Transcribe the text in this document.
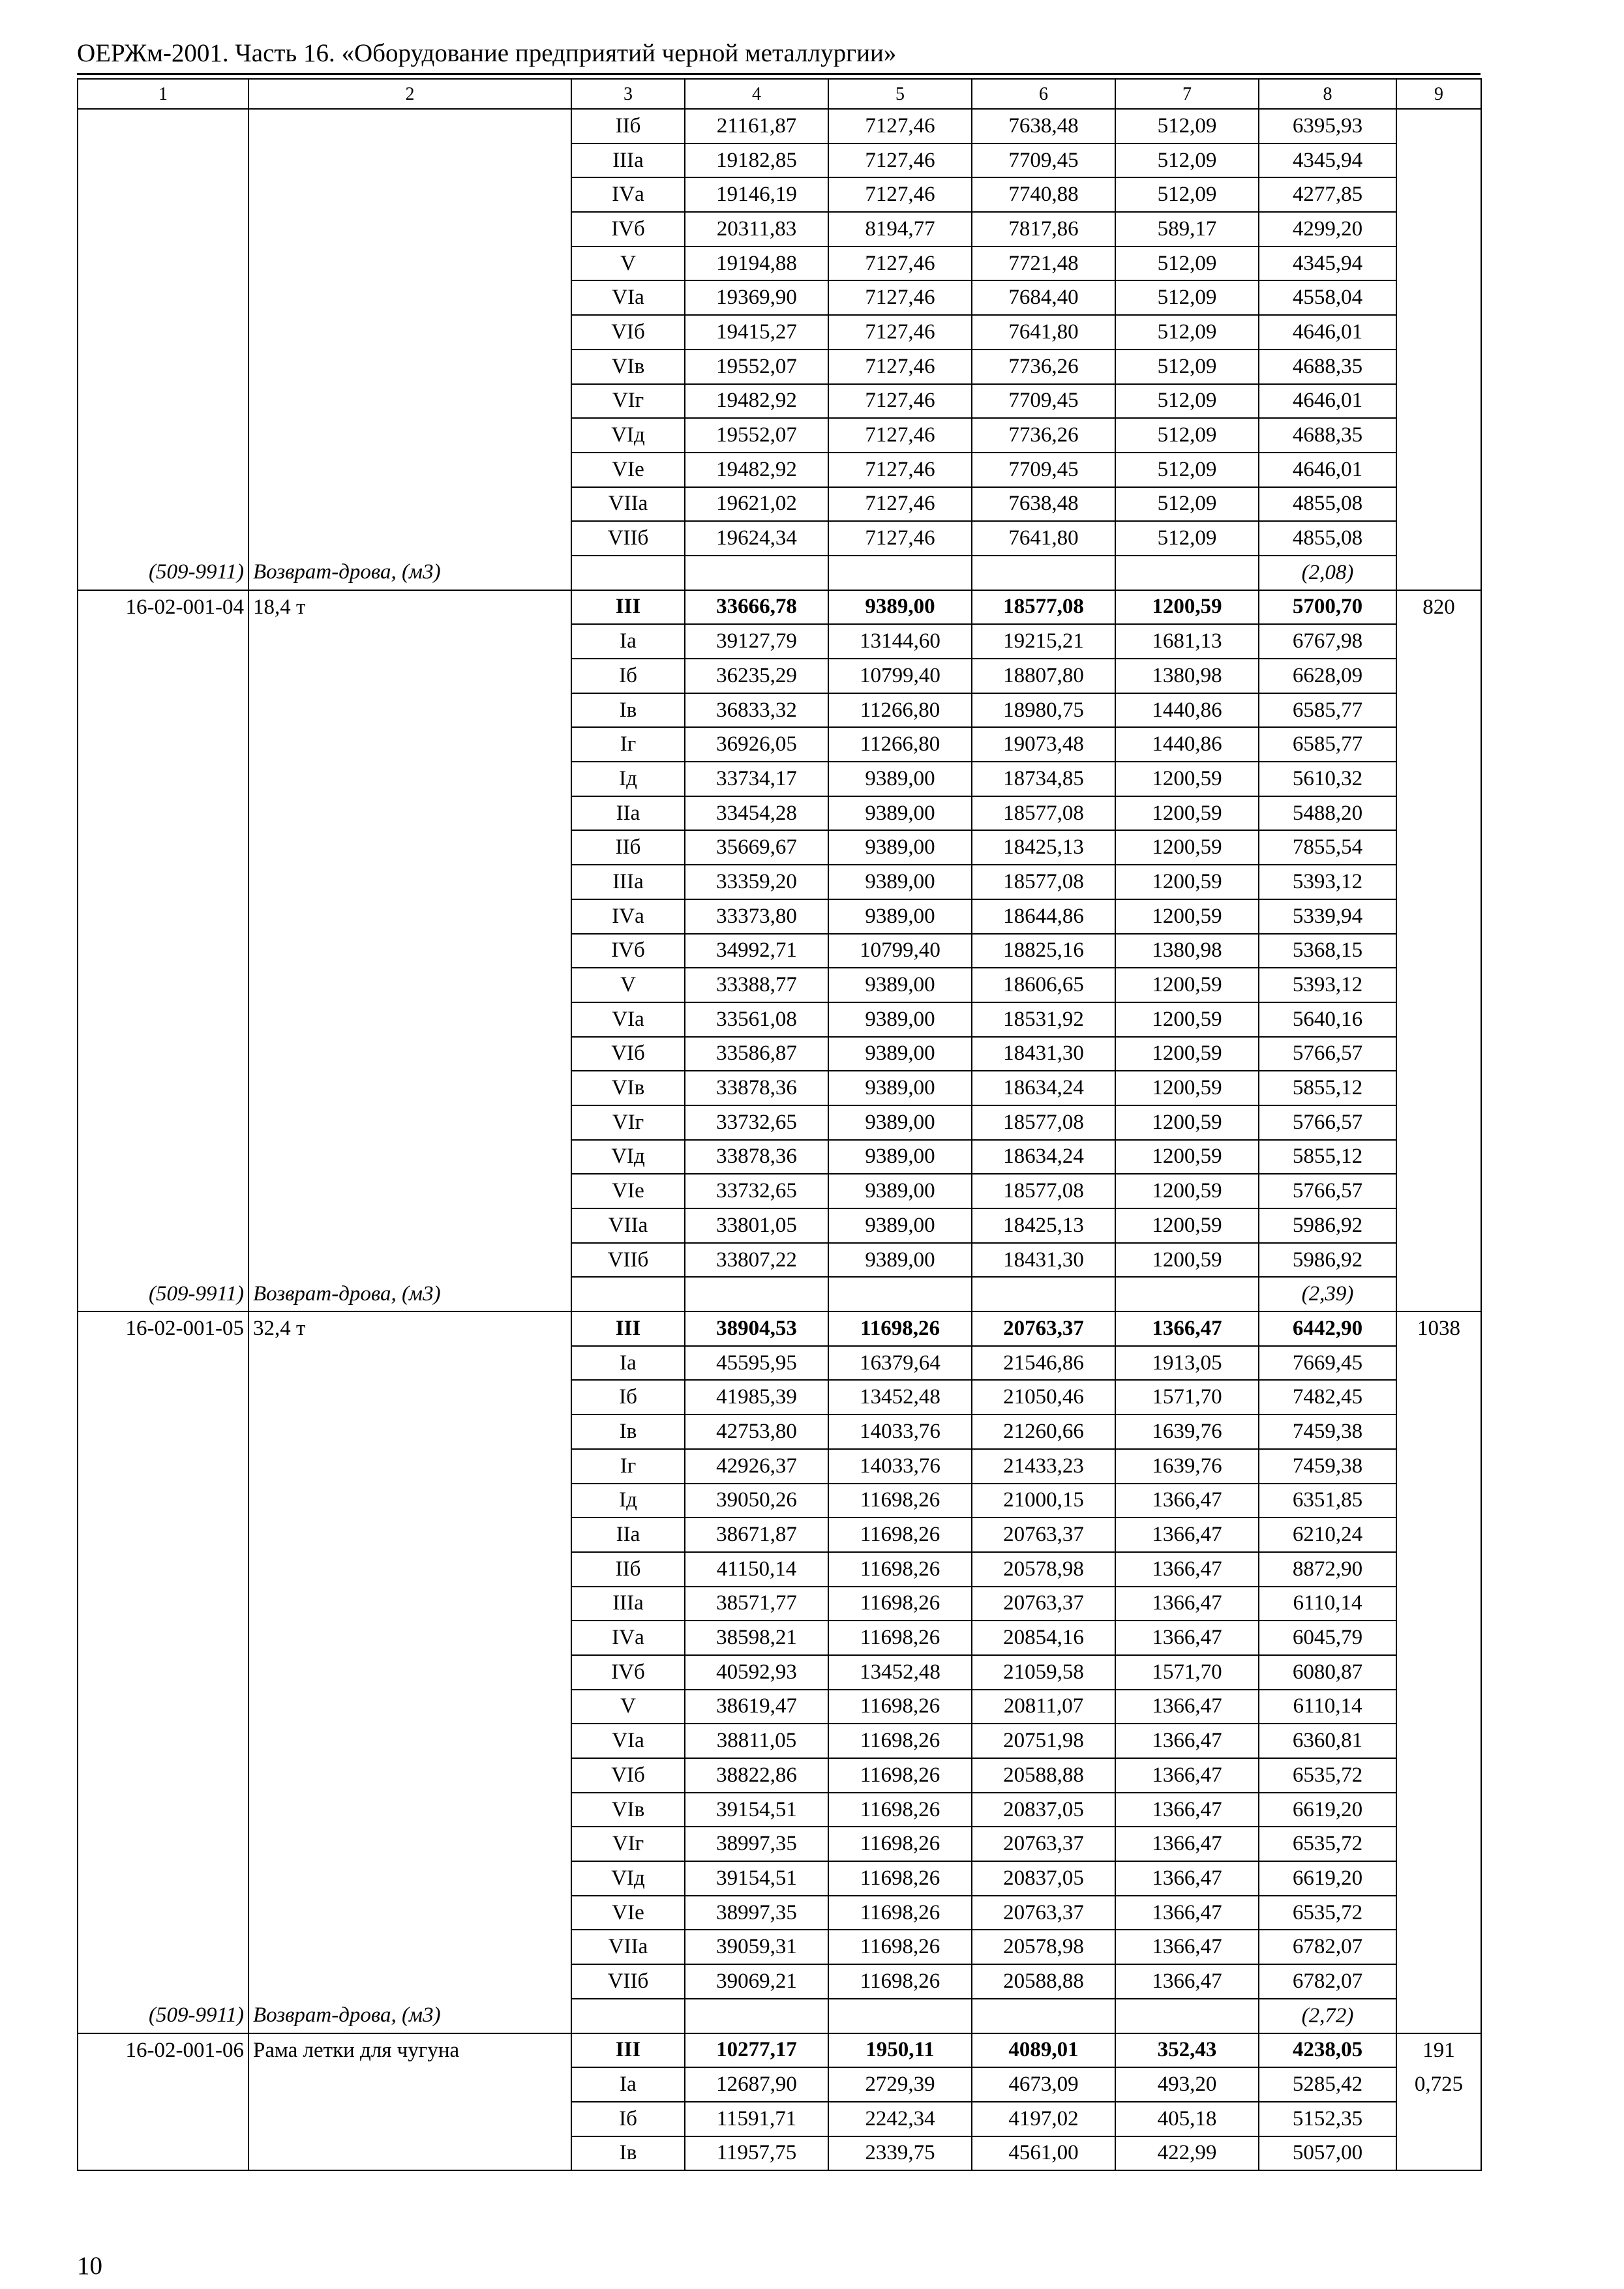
ОЕРЖм-2001. Часть 16. «Оборудование предприятий черной металлургии»
1	2	3	4	5	6	7	8	9
		IIб	21161,87	7127,46	7638,48	512,09	6395,93	
		IIIа	19182,85	7127,46	7709,45	512,09	4345,94	
		IVа	19146,19	7127,46	7740,88	512,09	4277,85	
		IVб	20311,83	8194,77	7817,86	589,17	4299,20	
		V	19194,88	7127,46	7721,48	512,09	4345,94	
		VIа	19369,90	7127,46	7684,40	512,09	4558,04	
		VIб	19415,27	7127,46	7641,80	512,09	4646,01	
		VIв	19552,07	7127,46	7736,26	512,09	4688,35	
		VIг	19482,92	7127,46	7709,45	512,09	4646,01	
		VIд	19552,07	7127,46	7736,26	512,09	4688,35	
		VIе	19482,92	7127,46	7709,45	512,09	4646,01	
		VIIа	19621,02	7127,46	7638,48	512,09	4855,08	
		VIIб	19624,34	7127,46	7641,80	512,09	4855,08	
(509-9911)	Возврат-дрова, (м3)						(2,08)	
16-02-001-04	18,4 т	III	33666,78	9389,00	18577,08	1200,59	5700,70	820
		Iа	39127,79	13144,60	19215,21	1681,13	6767,98	
		Iб	36235,29	10799,40	18807,80	1380,98	6628,09	
		Iв	36833,32	11266,80	18980,75	1440,86	6585,77	
		Iг	36926,05	11266,80	19073,48	1440,86	6585,77	
		Iд	33734,17	9389,00	18734,85	1200,59	5610,32	
		IIа	33454,28	9389,00	18577,08	1200,59	5488,20	
		IIб	35669,67	9389,00	18425,13	1200,59	7855,54	
		IIIа	33359,20	9389,00	18577,08	1200,59	5393,12	
		IVа	33373,80	9389,00	18644,86	1200,59	5339,94	
		IVб	34992,71	10799,40	18825,16	1380,98	5368,15	
		V	33388,77	9389,00	18606,65	1200,59	5393,12	
		VIа	33561,08	9389,00	18531,92	1200,59	5640,16	
		VIб	33586,87	9389,00	18431,30	1200,59	5766,57	
		VIв	33878,36	9389,00	18634,24	1200,59	5855,12	
		VIг	33732,65	9389,00	18577,08	1200,59	5766,57	
		VIд	33878,36	9389,00	18634,24	1200,59	5855,12	
		VIе	33732,65	9389,00	18577,08	1200,59	5766,57	
		VIIа	33801,05	9389,00	18425,13	1200,59	5986,92	
		VIIб	33807,22	9389,00	18431,30	1200,59	5986,92	
(509-9911)	Возврат-дрова, (м3)						(2,39)	
16-02-001-05	32,4 т	III	38904,53	11698,26	20763,37	1366,47	6442,90	1038
		Iа	45595,95	16379,64	21546,86	1913,05	7669,45	
		Iб	41985,39	13452,48	21050,46	1571,70	7482,45	
		Iв	42753,80	14033,76	21260,66	1639,76	7459,38	
		Iг	42926,37	14033,76	21433,23	1639,76	7459,38	
		Iд	39050,26	11698,26	21000,15	1366,47	6351,85	
		IIа	38671,87	11698,26	20763,37	1366,47	6210,24	
		IIб	41150,14	11698,26	20578,98	1366,47	8872,90	
		IIIа	38571,77	11698,26	20763,37	1366,47	6110,14	
		IVа	38598,21	11698,26	20854,16	1366,47	6045,79	
		IVб	40592,93	13452,48	21059,58	1571,70	6080,87	
		V	38619,47	11698,26	20811,07	1366,47	6110,14	
		VIа	38811,05	11698,26	20751,98	1366,47	6360,81	
		VIб	38822,86	11698,26	20588,88	1366,47	6535,72	
		VIв	39154,51	11698,26	20837,05	1366,47	6619,20	
		VIг	38997,35	11698,26	20763,37	1366,47	6535,72	
		VIд	39154,51	11698,26	20837,05	1366,47	6619,20	
		VIе	38997,35	11698,26	20763,37	1366,47	6535,72	
		VIIа	39059,31	11698,26	20578,98	1366,47	6782,07	
		VIIб	39069,21	11698,26	20588,88	1366,47	6782,07	
(509-9911)	Возврат-дрова, (м3)						(2,72)	
16-02-001-06	Рама летки для чугуна	III	10277,17	1950,11	4089,01	352,43	4238,05	191
		Iа	12687,90	2729,39	4673,09	493,20	5285,42	0,725
		Iб	11591,71	2242,34	4197,02	405,18	5152,35	
		Iв	11957,75	2339,75	4561,00	422,99	5057,00	
10
